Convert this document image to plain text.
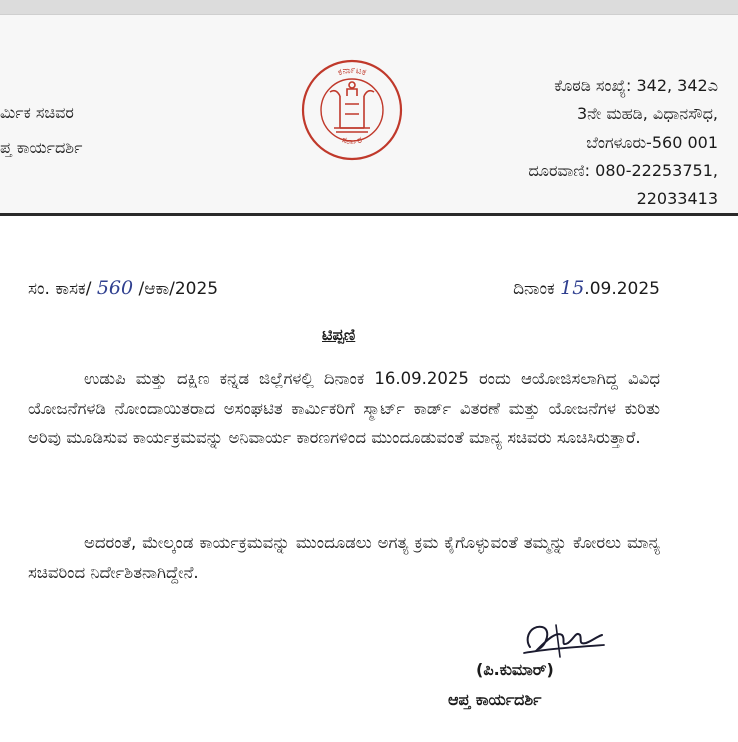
ರ್ಮಿಕ ಸಚಿವರ
ಪ್ತ ಕಾರ್ಯದರ್ಶಿ
ಕರ್ನಾಟಕ
ಸರ್ಕಾರ
ಕೊಠಡಿ ಸಂಖ್ಯೆ: 342, 342ಎ
3ನೇ ಮಹಡಿ, ವಿಧಾನಸೌಧ,
ಬೆಂಗಳೂರು-560 001
ದೂರವಾಣಿ: 080-22253751,
22033413
ಸಂ. ಕಾಸಕ/ 560 /ಆಕಾ/2025	ದಿನಾಂಕ 15.09.2025
ಟಿಪ್ಪಣಿ
ಉಡುಪಿ ಮತ್ತು ದಕ್ಷಿಣ ಕನ್ನಡ ಜಿಲ್ಲೆಗಳಲ್ಲಿ ದಿನಾಂಕ 16.09.2025 ರಂದು ಆಯೋಜಿಸಲಾಗಿದ್ದ ವಿವಿಧ ಯೋಜನೆಗಳಡಿ ನೋಂದಾಯಿತರಾದ ಅಸಂಘಟಿತ ಕಾರ್ಮಿಕರಿಗೆ ಸ್ಮಾರ್ಟ್ ಕಾರ್ಡ್ ವಿತರಣೆ ಮತ್ತು ಯೋಜನೆಗಳ ಕುರಿತು ಅರಿವು ಮೂಡಿಸುವ ಕಾರ್ಯಕ್ರಮವನ್ನು ಅನಿವಾರ್ಯ ಕಾರಣಗಳಿಂದ ಮುಂದೂಡುವಂತೆ ಮಾನ್ಯ ಸಚಿವರು ಸೂಚಿಸಿರುತ್ತಾರೆ.
ಅದರಂತೆ, ಮೇಲ್ಕಂಡ ಕಾರ್ಯಕ್ರಮವನ್ನು ಮುಂದೂಡಲು ಅಗತ್ಯ ಕ್ರಮ ಕೈಗೊಳ್ಳುವಂತೆ ತಮ್ಮನ್ನು ಕೋರಲು ಮಾನ್ಯ ಸಚಿವರಿಂದ ನಿರ್ದೇಶಿತನಾಗಿದ್ದೇನೆ.
(ಪಿ.ಕುಮಾರ್)
ಆಪ್ತ ಕಾರ್ಯದರ್ಶಿ
